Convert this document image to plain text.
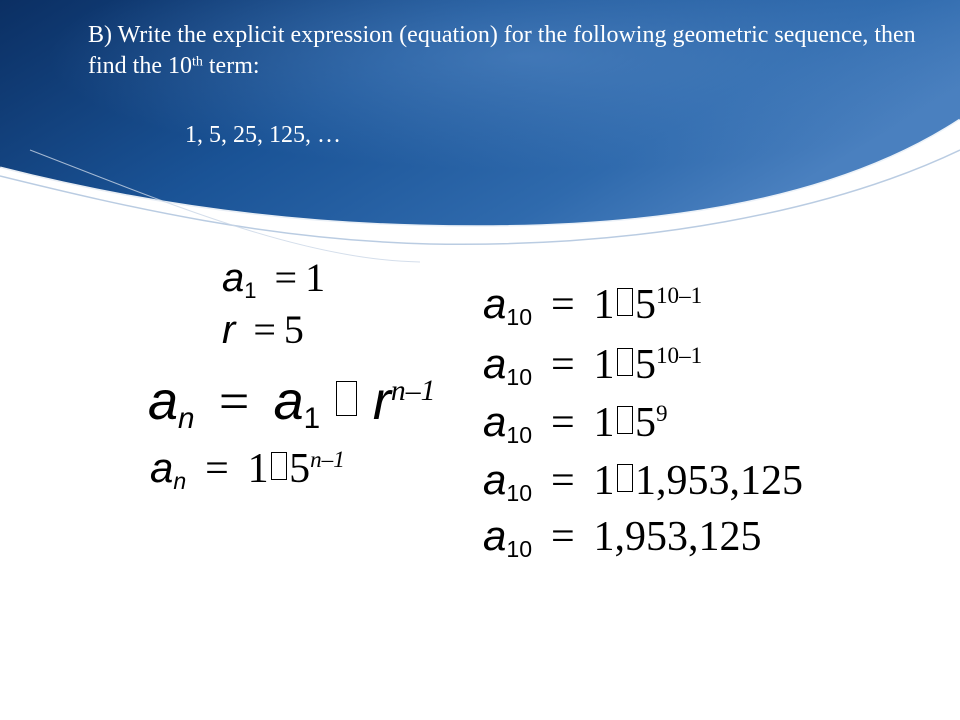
B) Write the explicit expression (equation) for the following geometric sequence, then find the 10th term:
1, 5, 25, 125, …
a1 = 1
r = 5
an = a1 $r^{n-1}$
an = 1 5$^{n-1}$
a10 = 1 5$^{10-1}$
a10 = 1 5$^{10-1}$
a10 = 1 $5^9$
a10 = 1 1,953,125
a10 = 1,953,125
